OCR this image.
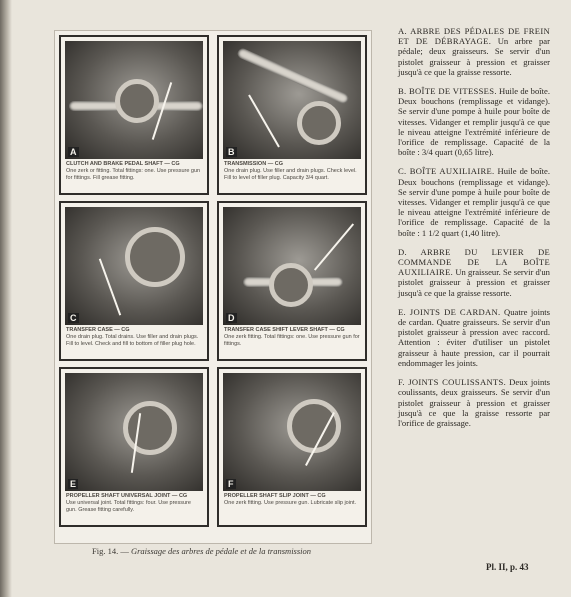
A
CLUTCH AND BRAKE PEDAL SHAFT — CG
One zerk or fitting. Total fittings: one. Use pressure gun for fittings. Fill grease fitting.
B
TRANSMISSION — CG
One drain plug. Use filler and drain plugs. Check level. Fill to level of filler plug. Capacity 3/4 quart.
C
TRANSFER CASE — CG
One drain plug. Total drains. Use filler and drain plugs. Fill to level. Check and fill to bottom of filler plug hole.
D
TRANSFER CASE SHIFT LEVER SHAFT — CG
One zerk fitting. Total fittings: one. Use pressure gun for fittings.
E
PROPELLER SHAFT UNIVERSAL JOINT — CG
Use universal joint. Total fittings: four. Use pressure gun. Grease fitting carefully.
F
PROPELLER SHAFT SLIP JOINT — CG
One zerk fitting. Use pressure gun. Lubricate slip joint.
Fig. 14. — Graissage des arbres de pédale et de la transmission
A. ARBRE DES PÉDALES DE FREIN ET DE DÉBRAYAGE. Un arbre par pédale; deux graisseurs. Se servir d'un pistolet graisseur à pression et graisser jusqu'à ce que la graisse ressorte.
B. BOÎTE DE VITESSES. Huile de boîte. Deux bouchons (remplissage et vidange). Se servir d'une pompe à huile pour boîte de vitesses. Vidanger et remplir jusqu'à ce que le niveau atteigne l'extrémité inférieure de l'orifice de remplissage. Capacité de la boîte : 3/4 quart (0,65 litre).
C. BOÎTE AUXILIAIRE. Huile de boîte. Deux bouchons (remplissage et vidange). Se servir d'une pompe à huile pour boîte de vitesses. Vidanger et remplir jusqu'à ce que le niveau atteigne l'extrémité inférieure de l'orifice de remplissage. Capacité de la boîte : 1 1/2 quart (1,40 litre).
D. ARBRE DU LEVIER DE COMMANDE DE LA BOÎTE AUXILIAIRE. Un graisseur. Se servir d'un pistolet graisseur à pression et graisser jusqu'à ce que la graisse ressorte.
E. JOINTS DE CARDAN. Quatre joints de cardan. Quatre graisseurs. Se servir d'un pistolet graisseur à pression avec raccord. Attention : éviter d'utiliser un pistolet graisseur à haute pression, car il pourrait endommager les joints.
F. JOINTS COULISSANTS. Deux joints coulissants, deux graisseurs. Se servir d'un pistolet graisseur à pression et graisser jusqu'à ce que la graisse ressorte par l'orifice de graissage.
Pl. II, p. 43
